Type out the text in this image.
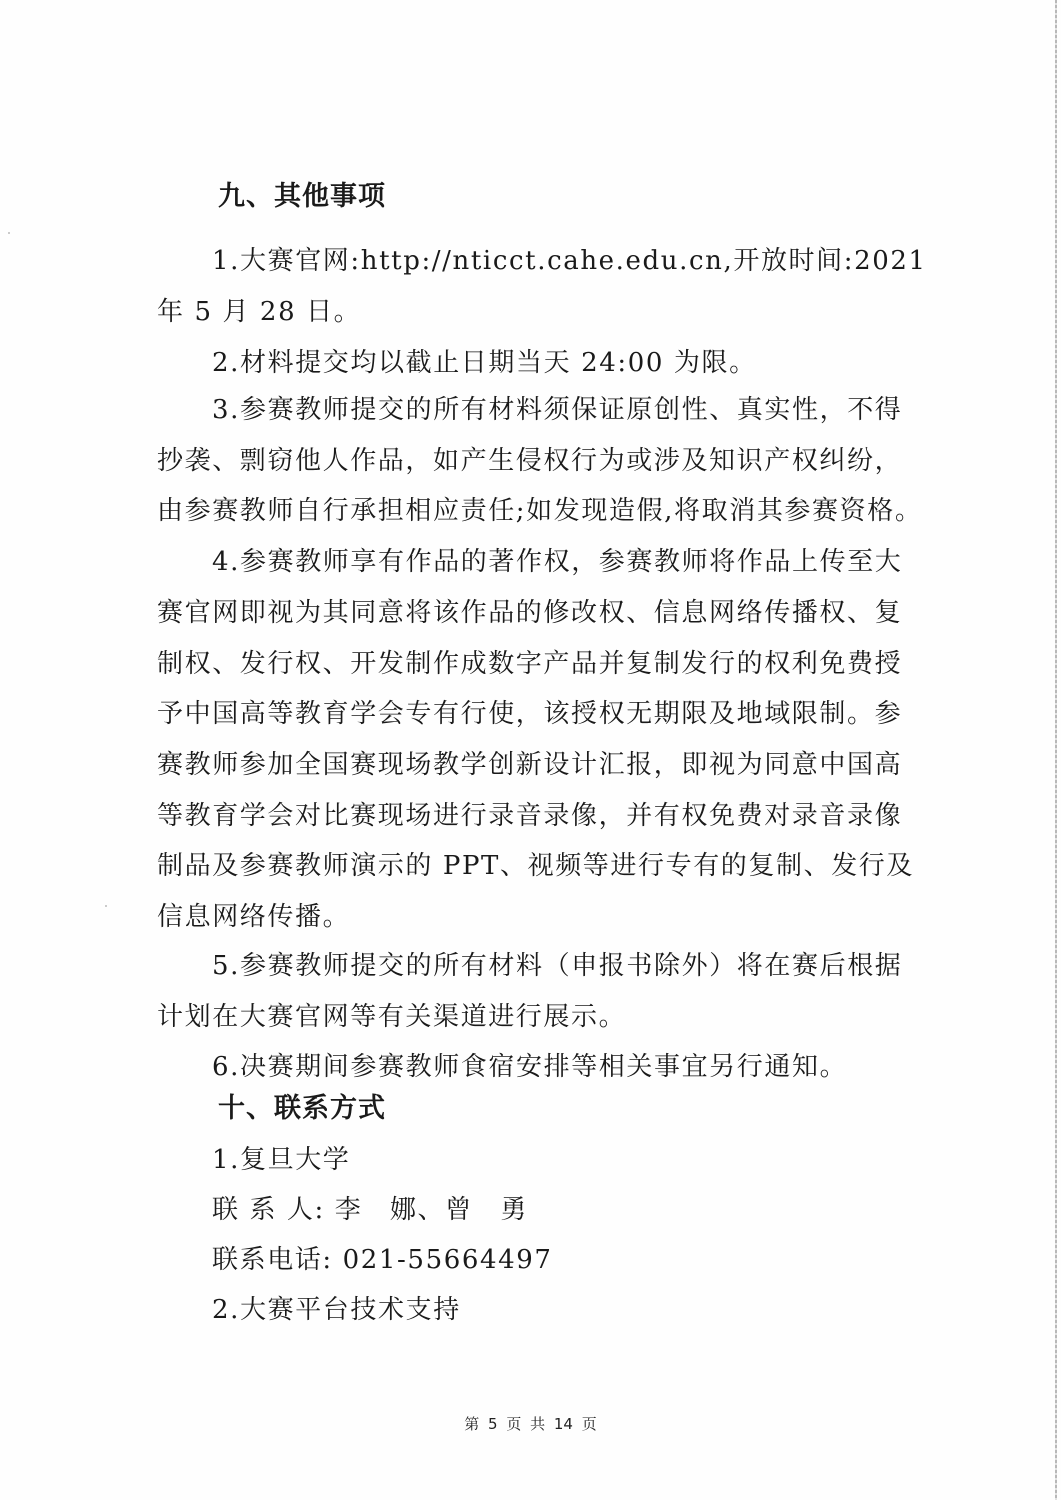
九、其他事项
1.大赛官网:http://nticct.cahe.edu.cn,开放时间:2021
年 5 月 28 日。
2.材料提交均以截止日期当天 24:00 为限。
3.参赛教师提交的所有材料须保证原创性、真实性，不得
抄袭、剽窃他人作品，如产生侵权行为或涉及知识产权纠纷，
由参赛教师自行承担相应责任;如发现造假,将取消其参赛资格。
4.参赛教师享有作品的著作权，参赛教师将作品上传至大
赛官网即视为其同意将该作品的修改权、信息网络传播权、复
制权、发行权、开发制作成数字产品并复制发行的权利免费授
予中国高等教育学会专有行使，该授权无期限及地域限制。参
赛教师参加全国赛现场教学创新设计汇报，即视为同意中国高
等教育学会对比赛现场进行录音录像，并有权免费对录音录像
制品及参赛教师演示的 PPT、视频等进行专有的复制、发行及
信息网络传播。
5.参赛教师提交的所有材料（申报书除外）将在赛后根据
计划在大赛官网等有关渠道进行展示。
6.决赛期间参赛教师食宿安排等相关事宜另行通知。
十、联系方式
1.复旦大学
联 系 人: 李　娜、曾　勇
联系电话: 021-55664497
2.大赛平台技术支持
第 5 页 共 14 页
